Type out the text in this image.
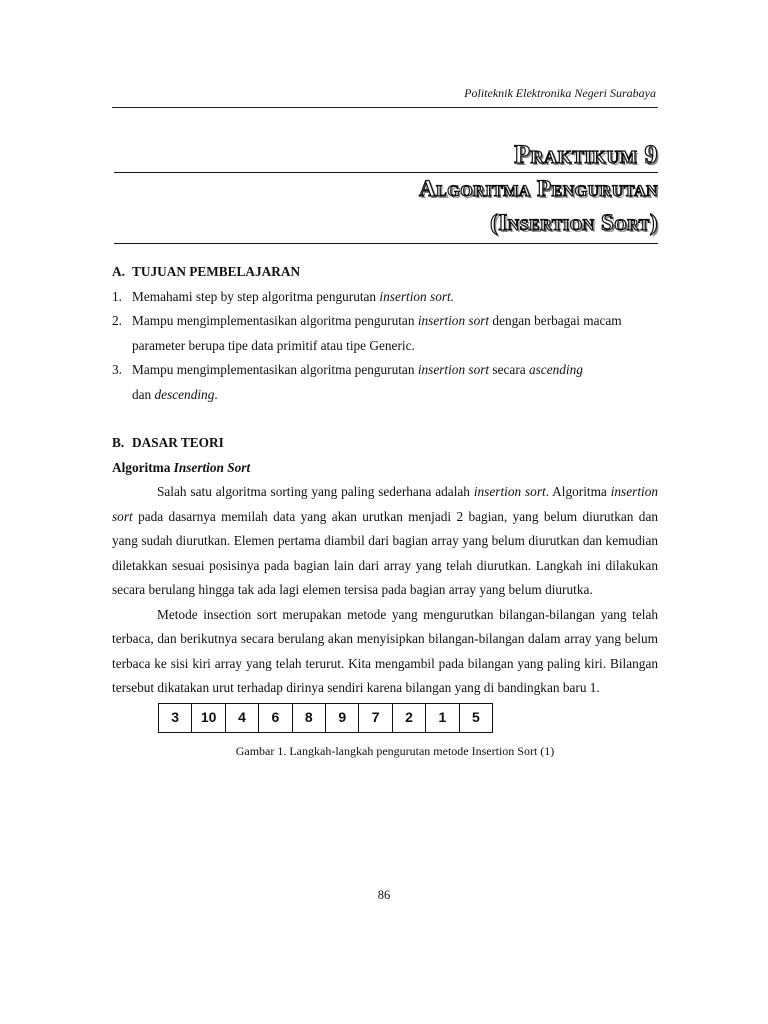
Politeknik Elektronika Negeri Surabaya
Praktikum 9
Algoritma Pengurutan
(Insertion Sort)
A. TUJUAN PEMBELAJARAN
1. Memahami step by step algoritma pengurutan insertion sort.
2. Mampu mengimplementasikan algoritma pengurutan insertion sort dengan berbagai macam parameter berupa tipe data primitif atau tipe Generic.
3. Mampu mengimplementasikan algoritma pengurutan insertion sort secara ascending
dan descending.
B. DASAR TEORI
Algoritma Insertion Sort

Salah satu algoritma sorting yang paling sederhana adalah insertion sort. Algoritma insertion sort pada dasarnya memilah data yang akan urutkan menjadi 2 bagian, yang belum diurutkan dan yang sudah diurutkan. Elemen pertama diambil dari bagian array yang belum diurutkan dan kemudian diletakkan sesuai posisinya pada bagian lain dari array yang telah diurutkan. Langkah ini dilakukan secara berulang hingga tak ada lagi elemen tersisa pada bagian array yang belum diurutka.

Metode insection sort merupakan metode yang mengurutkan bilangan-bilangan yang telah terbaca, dan berikutnya secara berulang akan menyisipkan bilangan-bilangan dalam array yang belum terbaca ke sisi kiri array yang telah terurut. Kita mengambil pada bilangan yang paling kiri. Bilangan tersebut dikatakan urut terhadap dirinya sendiri karena bilangan yang di bandingkan baru 1.

3	10	4	6	8	9	7	2	1	5
Gambar 1. Langkah-langkah pengurutan metode Insertion Sort (1)
86
